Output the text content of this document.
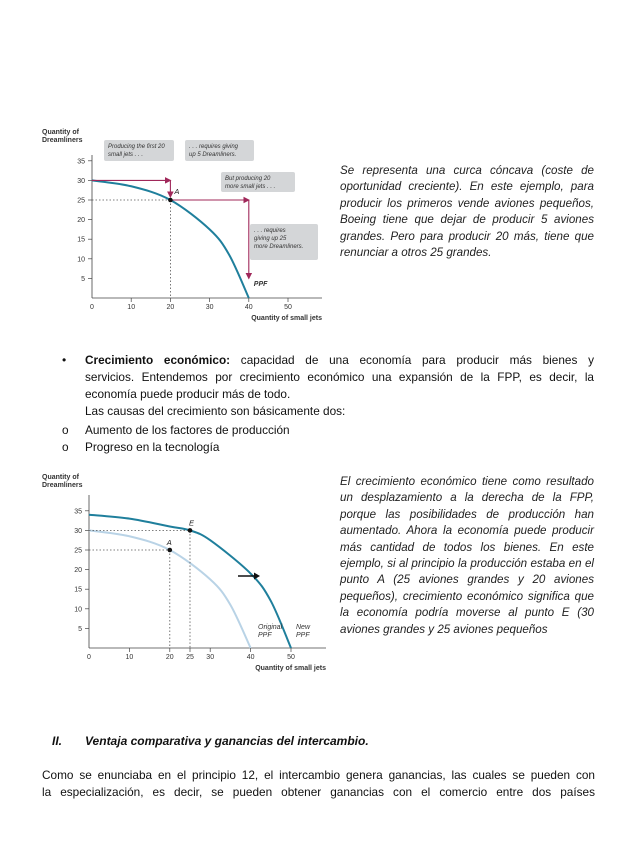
Quantity of
Dreamliners
Quantity of small jets
5
10
15
20
25
30
35
0	10	20	30	40	50
PPF
A
Producing the first 20
small jets . . .
. . . requires giving
up 5 Dreamliners.
But producing 20
more small jets . . .
. . . requires
giving up 25
more Dreamliners.
Se representa una curca cóncava (coste de oportunidad creciente). En este ejemplo, para producir los primeros vende aviones pequeños, Boeing tiene que dejar de producir 5 aviones grandes. Pero para producir 20 más, tiene que renunciar a otros 25 grandes.
• Crecimiento económico: capacidad de una economía para producir más bienes y
servicios. Entendemos por crecimiento económico una expansión de la FPP, es decir, la
economía puede producir más de todo.
Las causas del crecimiento son básicamente dos:
o	Aumento de los factores de producción
o	Progreso en la tecnología
Quantity of
Dreamliners
Quantity of small jets
5
10
15
20
25
30
35
0	10	20 25 30	40	50
A
E
Original
PPF
New
PPF
El crecimiento económico tiene como resultado un desplazamiento a la derecha de la FPP, porque las posibilidades de producción han aumentado. Ahora la economía puede producir más cantidad de todos los bienes. En este ejemplo, si al principio la producción estaba en el punto A (25 aviones grandes y 20 aviones pequeños), crecimiento económico significa que la economía podría moverse al punto E (30 aviones grandes y 25 aviones pequeños
II. Ventaja comparativa y ganancias del intercambio.
Como se enunciaba en el principio 12, el intercambio genera ganancias, las cuales se pueden con
la especialización, es decir, se pueden obtener ganancias con el comercio entre dos países
